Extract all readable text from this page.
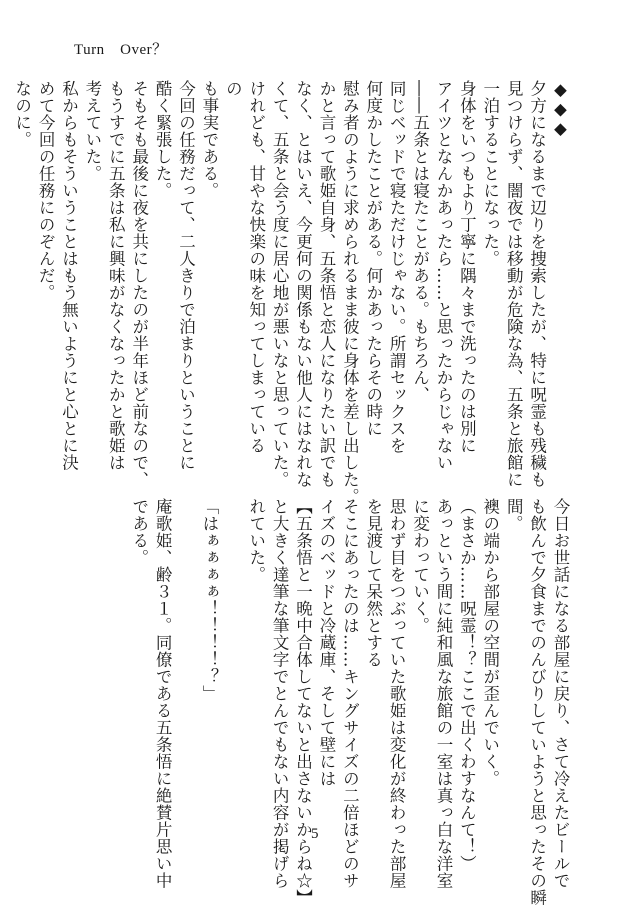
Turn　Over？
◆◆◆
夕方になるまで辺りを捜索したが、特に呪霊も残穢も
見つけらず、闇夜では移動が危険な為、五条と旅館に
一泊することになった。
身体をいつもより丁寧に隅々まで洗ったのは別に
アイツとなんかあったら……と思ったからじゃない
――五条とは寝たことがある。もちろん、
同じベッドで寝ただけじゃない。所謂セックスを
何度かしたことがある。何かあったらその時に
慰み者のように求められるまま彼に身体を差し出した。
かと言って歌姫自身、五条悟と恋人になりたい訳でも
なく、とはいえ、今更何の関係もない他人にはなれな
くて、五条と会う度に居心地が悪いなと思っていた。
けれども、甘やな快楽の味を知ってしまっている
の
も事実である。
今回の任務だって、二人きりで泊まりということに
酷く緊張した。
そもそも最後に夜を共にしたのが半年ほど前なので、
もうすでに五条は私に興味がなくなったかと歌姫は
考えていた。
私からもそういうことはもう無いようにと心とに決
めて今回の任務にのぞんだ。
なのに。
今日お世話になる部屋に戻り、さて冷えたビールで
も飲んで夕食までのんびりしていようと思ったその瞬
間。
襖の端から部屋の空間が歪んでいく。
（まさか……呪霊！？ここで出くわすなんて！）
あっという間に純和風な旅館の一室は真っ白な洋室
に変わっていく。
思わず目をつぶっていた歌姫は変化が終わった部屋
を見渡して呆然とする
そこにあったのは……キングサイズの二倍ほどのサ
イズのベッドと冷蔵庫、そして壁には
【五条悟と一晩中合体してないと出さないからね☆】
と大きく達筆な筆文字でとんでもない内容が掲げら
れていた。

「はぁぁぁぁ！！！！？」

庵歌姫、齢３１。同僚である五条悟に絶賛片思い中
である。
5
